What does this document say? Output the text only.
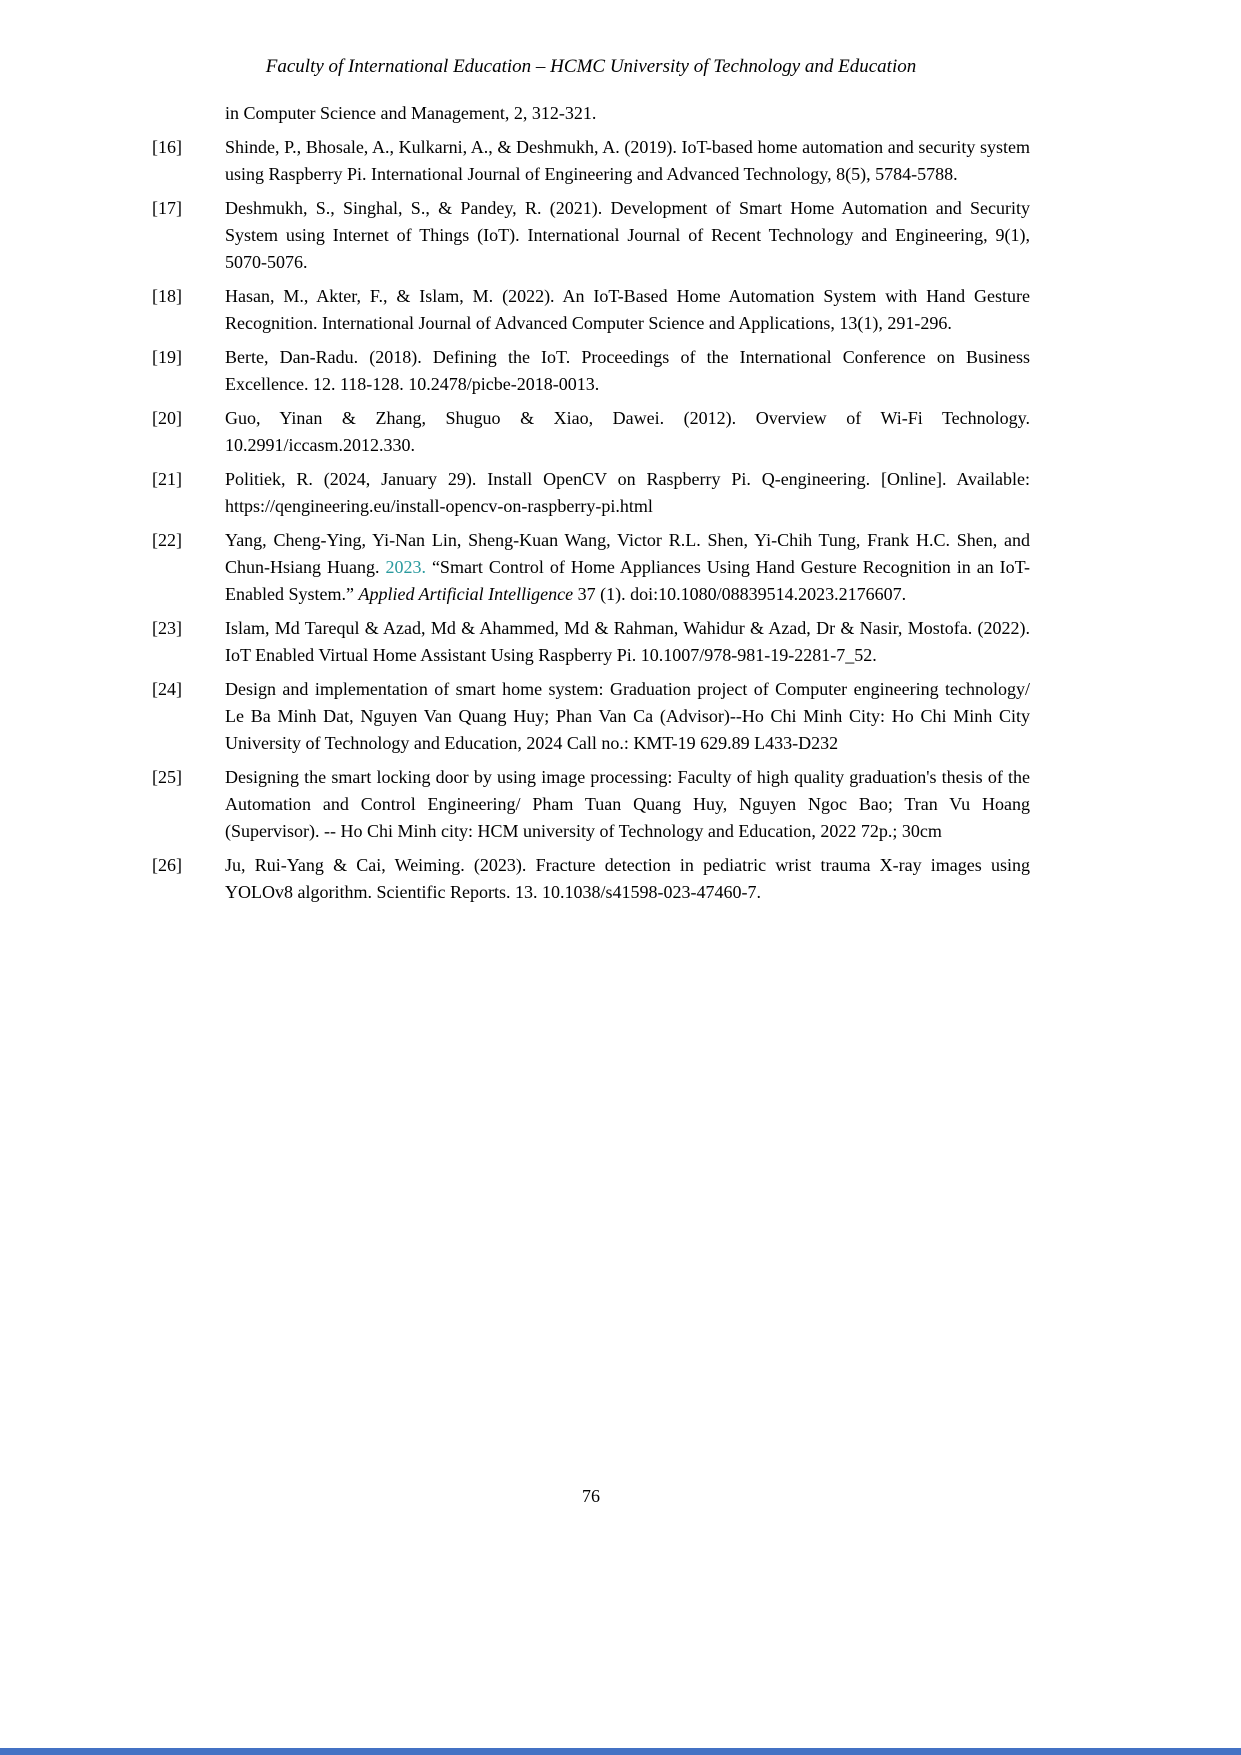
Faculty of International Education – HCMC University of Technology and Education
in Computer Science and Management, 2, 312-321.
[16]	Shinde, P., Bhosale, A., Kulkarni, A., & Deshmukh, A. (2019). IoT-based home automation and security system using Raspberry Pi. International Journal of Engineering and Advanced Technology, 8(5), 5784-5788.
[17]	Deshmukh, S., Singhal, S., & Pandey, R. (2021). Development of Smart Home Automation and Security System using Internet of Things (IoT). International Journal of Recent Technology and Engineering, 9(1), 5070-5076.
[18]	Hasan, M., Akter, F., & Islam, M. (2022). An IoT-Based Home Automation System with Hand Gesture Recognition. International Journal of Advanced Computer Science and Applications, 13(1), 291-296.
[19]	Berte, Dan-Radu. (2018). Defining the IoT. Proceedings of the International Conference on Business Excellence. 12. 118-128. 10.2478/picbe-2018-0013.
[20]	Guo, Yinan & Zhang, Shuguo & Xiao, Dawei. (2012). Overview of Wi-Fi Technology. 10.2991/iccasm.2012.330.
[21]	Politiek, R. (2024, January 29). Install OpenCV on Raspberry Pi. Q-engineering. [Online]. Available: https://qengineering.eu/install-opencv-on-raspberry-pi.html
[22]	Yang, Cheng-Ying, Yi-Nan Lin, Sheng-Kuan Wang, Victor R.L. Shen, Yi-Chih Tung, Frank H.C. Shen, and Chun-Hsiang Huang. 2023. “Smart Control of Home Appliances Using Hand Gesture Recognition in an IoT-Enabled System.” Applied Artificial Intelligence 37 (1). doi:10.1080/08839514.2023.2176607.
[23]	Islam, Md Tarequl & Azad, Md & Ahammed, Md & Rahman, Wahidur & Azad, Dr & Nasir, Mostofa. (2022). IoT Enabled Virtual Home Assistant Using Raspberry Pi. 10.1007/978-981-19-2281-7_52.
[24]	Design and implementation of smart home system: Graduation project of Computer engineering technology/ Le Ba Minh Dat, Nguyen Van Quang Huy; Phan Van Ca (Advisor)--Ho Chi Minh City: Ho Chi Minh City University of Technology and Education, 2024 Call no.: KMT-19 629.89 L433-D232
[25]	Designing the smart locking door by using image processing: Faculty of high quality graduation's thesis of the Automation and Control Engineering/ Pham Tuan Quang Huy, Nguyen Ngoc Bao; Tran Vu Hoang (Supervisor). -- Ho Chi Minh city: HCM university of Technology and Education, 2022 72p.; 30cm
[26]	Ju, Rui-Yang & Cai, Weiming. (2023). Fracture detection in pediatric wrist trauma X-ray images using YOLOv8 algorithm. Scientific Reports. 13. 10.1038/s41598-023-47460-7.
76
